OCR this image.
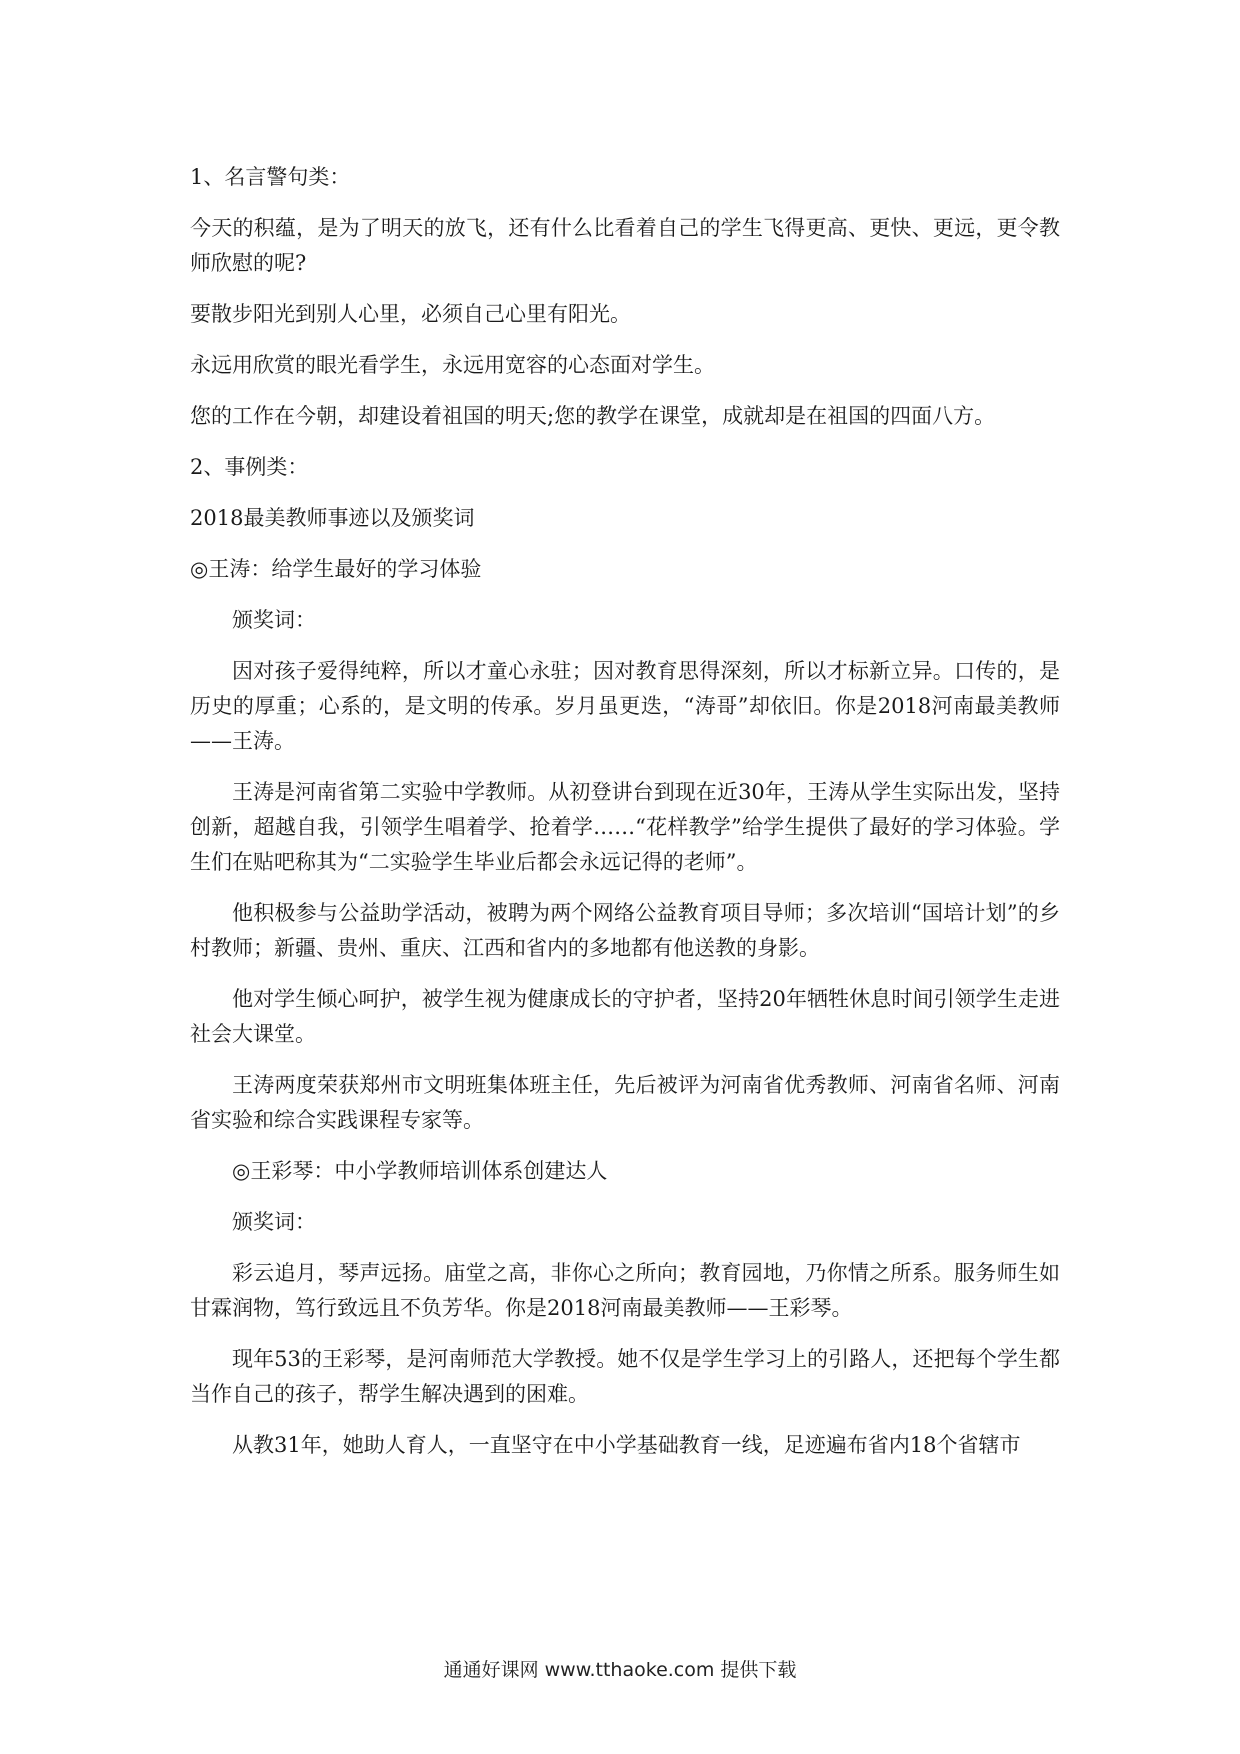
1、名言警句类：

今天的积蕴，是为了明天的放飞，还有什么比看着自己的学生飞得更高、更快、更远，更令教师欣慰的呢?

要散步阳光到别人心里，必须自己心里有阳光。

永远用欣赏的眼光看学生，永远用宽容的心态面对学生。

您的工作在今朝，却建设着祖国的明天;您的教学在课堂，成就却是在祖国的四面八方。

2、事例类：

2018最美教师事迹以及颁奖词

◎王涛：给学生最好的学习体验

颁奖词：

因对孩子爱得纯粹，所以才童心永驻；因对教育思得深刻，所以才标新立异。口传的，是历史的厚重；心系的，是文明的传承。岁月虽更迭，“涛哥”却依旧。你是2018河南最美教师——王涛。

王涛是河南省第二实验中学教师。从初登讲台到现在近30年，王涛从学生实际出发，坚持创新，超越自我，引领学生唱着学、抢着学……“花样教学”给学生提供了最好的学习体验。学生们在贴吧称其为“二实验学生毕业后都会永远记得的老师”。

他积极参与公益助学活动，被聘为两个网络公益教育项目导师；多次培训“国培计划”的乡村教师；新疆、贵州、重庆、江西和省内的多地都有他送教的身影。

他对学生倾心呵护，被学生视为健康成长的守护者，坚持20年牺牲休息时间引领学生走进社会大课堂。

王涛两度荣获郑州市文明班集体班主任，先后被评为河南省优秀教师、河南省名师、河南省实验和综合实践课程专家等。

◎王彩琴：中小学教师培训体系创建达人

颁奖词：

彩云追月，琴声远扬。庙堂之高，非你心之所向；教育园地，乃你情之所系。服务师生如甘霖润物，笃行致远且不负芳华。你是2018河南最美教师——王彩琴。

现年53的王彩琴，是河南师范大学教授。她不仅是学生学习上的引路人，还把每个学生都当作自己的孩子，帮学生解决遇到的困难。

从教31年，她助人育人，一直坚守在中小学基础教育一线，足迹遍布省内18个省辖市

通通好课网 www.tthaoke.com 提供下载
